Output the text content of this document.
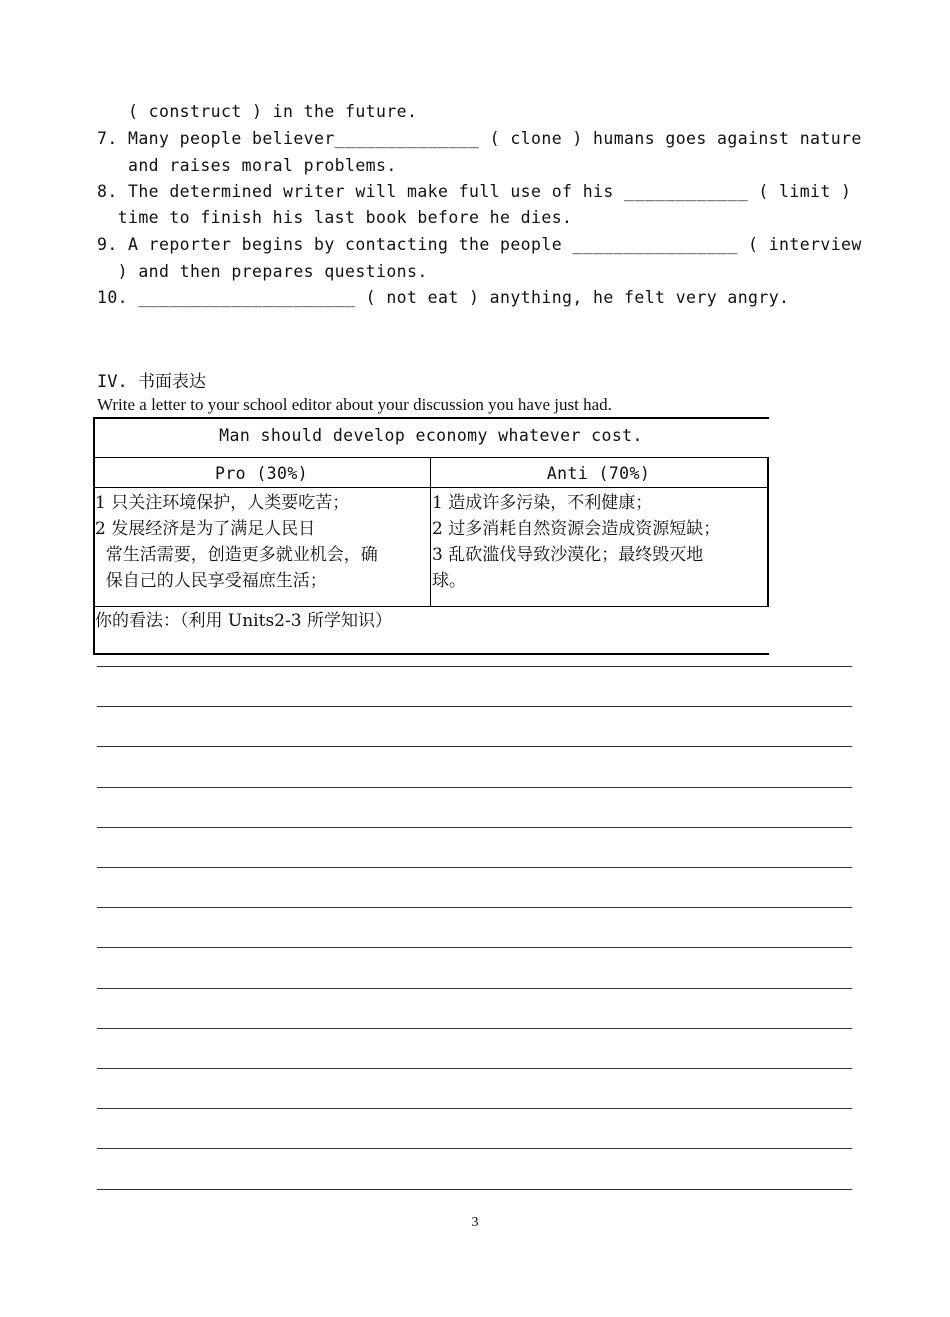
( construct ) in the future.
7. Many people believer______________ ( clone ) humans goes against nature
and raises moral problems.
8. The determined writer will make full use of his ____________ ( limit )
time to finish his last book before he dies.
9. A reporter begins by contacting the people ________________ ( interview
) and then prepares questions.
10. _____________________ ( not eat ) anything, he felt very angry.
IV. 书面表达
Write a letter to your school editor about your discussion you have just had.
Man should develop economy whatever cost.
Pro (30%)	Anti (70%)
1 只关注环境保护，人类要吃苦；
2 发展经济是为了满足人民日
常生活需要，创造更多就业机会，确
保自己的人民享受福庶生活；
1 造成许多污染，不利健康；
2 过多消耗自然资源会造成资源短缺；
3 乱砍滥伐导致沙漠化；最终毁灭地
球。
你的看法：（利用 Units2-3 所学知识）
3
